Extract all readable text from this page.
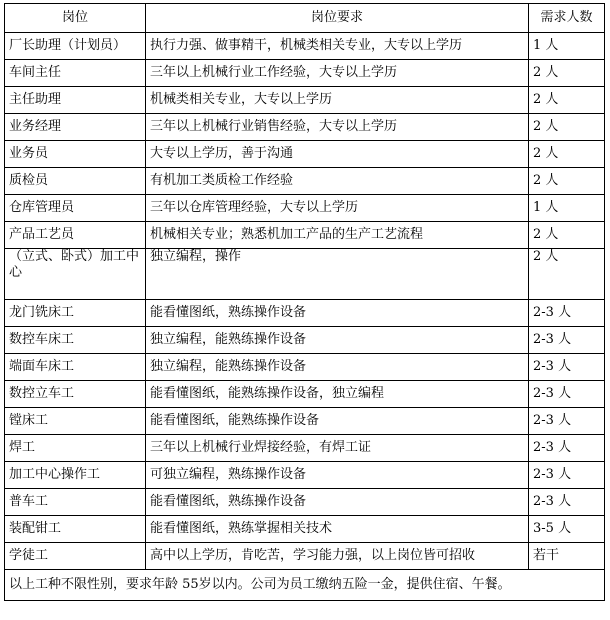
岗位	岗位要求	需求人数
厂长助理（计划员）	执行力强、做事精干，机械类相关专业，大专以上学历	1 人
车间主任	三年以上机械行业工作经验，大专以上学历	2 人
主任助理	机械类相关专业，大专以上学历	2 人
业务经理	三年以上机械行业销售经验，大专以上学历	2 人
业务员	大专以上学历，善于沟通	2 人
质检员	有机加工类质检工作经验	2 人
仓库管理员	三年以仓库管理经验，大专以上学历	1 人
产品工艺员	机械相关专业；熟悉机加工产品的生产工艺流程	2 人
（立式、卧式）加工中心	独立编程，操作	2 人
龙门铣床工	能看懂图纸，熟练操作设备	2-3 人
数控车床工	独立编程，能熟练操作设备	2-3 人
端面车床工	独立编程，能熟练操作设备	2-3 人
数控立车工	能看懂图纸，能熟练操作设备，独立编程	2-3 人
镗床工	能看懂图纸，能熟练操作设备	2-3 人
焊工	三年以上机械行业焊接经验，有焊工证	2-3 人
加工中心操作工	可独立编程，熟练操作设备	2-3 人
普车工	能看懂图纸，熟练操作设备	2-3 人
装配钳工	能看懂图纸，熟练掌握相关技术	3-5 人
学徒工	高中以上学历，肯吃苦，学习能力强，以上岗位皆可招收	若干
以上工种不限性别，要求年龄 55岁以内。公司为员工缴纳五险一金，提供住宿、午餐。		
